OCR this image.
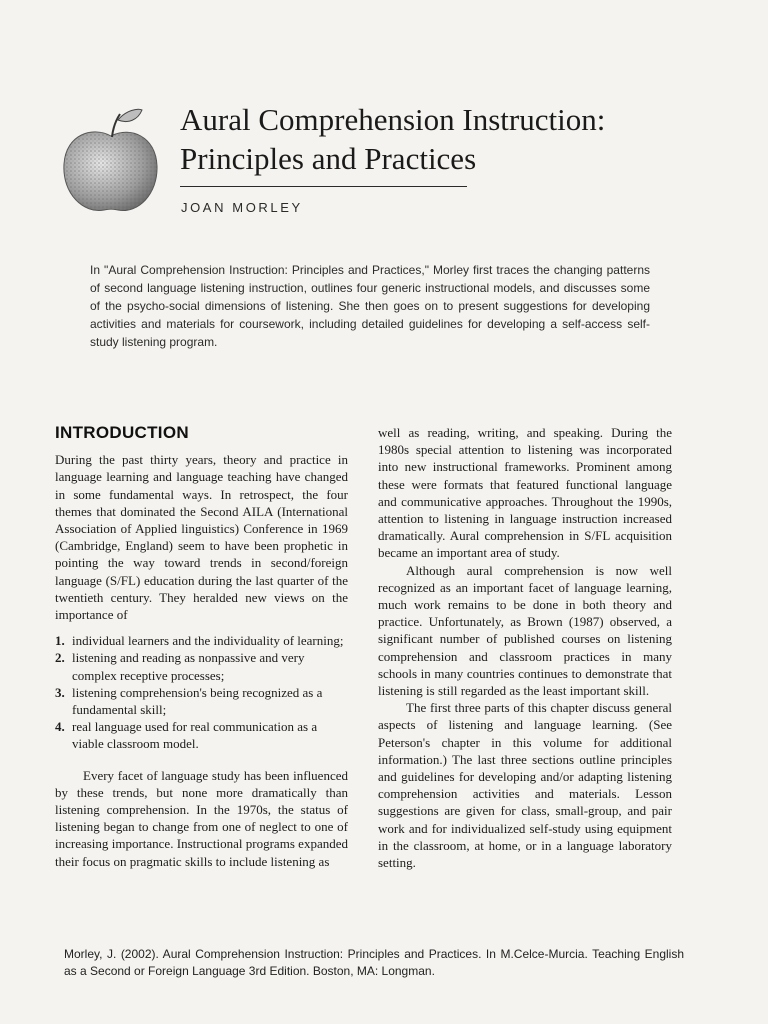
Aural Comprehension Instruction:
Principles and Practices
JOAN MORLEY

In "Aural Comprehension Instruction: Principles and Practices," Morley first traces the changing patterns of second language listening instruction, outlines four generic instructional models, and discusses some of the psycho-social dimensions of listening. She then goes on to present suggestions for developing activities and materials for coursework, including detailed guidelines for developing a self-access self-study listening program.

INTRODUCTION

During the past thirty years, theory and practice in language learning and language teaching have changed in some fundamental ways. In retrospect, the four themes that dominated the Second AILA (International Association of Applied linguistics) Conference in 1969 (Cambridge, England) seem to have been prophetic in pointing the way toward trends in second/foreign language (S/FL) education during the last quarter of the twentieth century. They heralded new views on the importance of

1. individual learners and the individuality of learning;
2. listening and reading as nonpassive and very complex receptive processes;
3. listening comprehension's being recognized as a fundamental skill;
4. real language used for real communication as a viable classroom model.

Every facet of language study has been influenced by these trends, but none more dramatically than listening comprehension. In the 1970s, the status of listening began to change from one of neglect to one of increasing importance. Instructional programs expanded their focus on pragmatic skills to include listening as

well as reading, writing, and speaking. During the 1980s special attention to listening was incorporated into new instructional frameworks. Prominent among these were formats that featured functional language and communicative approaches. Throughout the 1990s, attention to listening in language instruction increased dramatically. Aural comprehension in S/FL acquisition became an important area of study.

Although aural comprehension is now well recognized as an important facet of language learning, much work remains to be done in both theory and practice. Unfortunately, as Brown (1987) observed, a significant number of published courses on listening comprehension and classroom practices in many schools in many countries continues to demonstrate that listening is still regarded as the least important skill.

The first three parts of this chapter discuss general aspects of listening and language learning. (See Peterson's chapter in this volume for additional information.) The last three sections outline principles and guidelines for developing and/or adapting listening comprehension activities and materials. Lesson suggestions are given for class, small-group, and pair work and for individualized self-study using equipment in the classroom, at home, or in a language laboratory setting.

Morley, J. (2002). Aural Comprehension Instruction: Principles and Practices. In M.Celce-Murcia. Teaching English as a Second or Foreign Language 3rd Edition. Boston, MA: Longman.
